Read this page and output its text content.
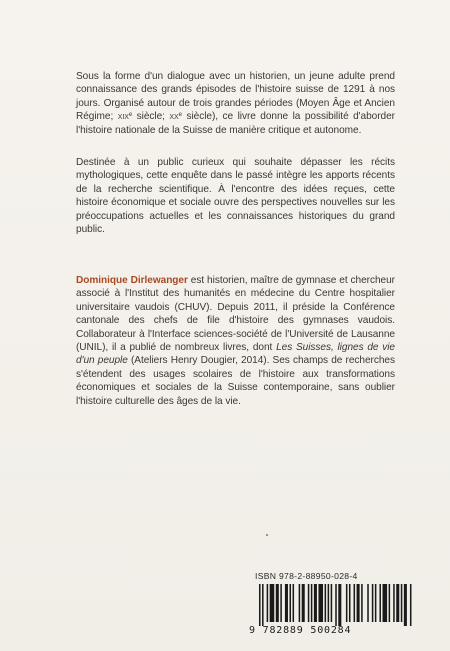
Sous la forme d'un dialogue avec un historien, un jeune adulte prend connaissance des grands épisodes de l'histoire suisse de 1291 à nos jours. Organisé autour de trois grandes périodes (Moyen Âge et Ancien Régime; xix$^e$ siècle; $xx^e$ siècle), ce livre donne la possibilité d'aborder l'histoire nationale de la Suisse de manière critique et autonome.

Destinée à un public curieux qui souhaite dépasser les récits mythologiques, cette enquête dans le passé intègre les apports récents de la recherche scientifique. À l'encontre des idées reçues, cette histoire économique et sociale ouvre des perspectives nouvelles sur les préoccupations actuelles et les connaissances historiques du grand public.

Dominique Dirlewanger est historien, maître de gymnase et chercheur associé à l'Institut des humanités en médecine du Centre hospitalier universitaire vaudois (CHUV). Depuis 2011, il préside la Conférence cantonale des chefs de file d'histoire des gymnases vaudois. Collaborateur à l'Interface sciences-société de l'Université de Lausanne (UNIL), il a publié de nombreux livres, dont Les Suisses, lignes de vie d'un peuple (Ateliers Henry Dougier, 2014). Ses champs de recherches s'étendent des usages scolaires de l'histoire aux transformations économiques et sociales de la Suisse contemporaine, sans oublier l'histoire culturelle des âges de la vie.

ISBN 978-2-88950-028-4
9 782889 500284
